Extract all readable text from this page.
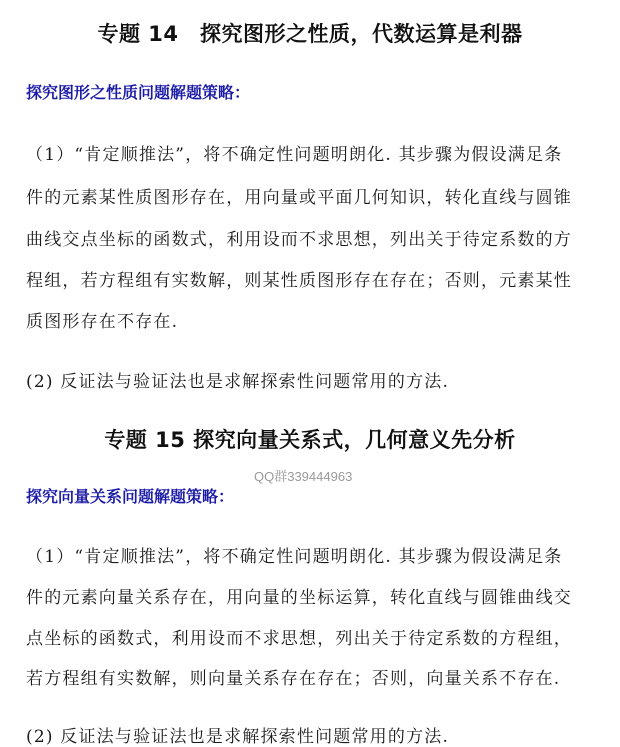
专题 14　探究图形之性质，代数运算是利器
探究图形之性质问题解题策略：
（1）“肯定顺推法”，将不确定性问题明朗化. 其步骤为假设满足条
件的元素某性质图形存在，用向量或平面几何知识，转化直线与圆锥
曲线交点坐标的函数式，利用设而不求思想，列出关于待定系数的方
程组，若方程组有实数解，则某性质图形存在存在；否则，元素某性
质图形存在不存在.
(2) 反证法与验证法也是求解探索性问题常用的方法.
专题 15 探究向量关系式，几何意义先分析
QQ群339444963
探究向量关系问题解题策略：
（1）“肯定顺推法”，将不确定性问题明朗化. 其步骤为假设满足条
件的元素向量关系存在，用向量的坐标运算，转化直线与圆锥曲线交
点坐标的函数式，利用设而不求思想，列出关于待定系数的方程组，
若方程组有实数解，则向量关系存在存在；否则，向量关系不存在.
(2) 反证法与验证法也是求解探索性问题常用的方法.
